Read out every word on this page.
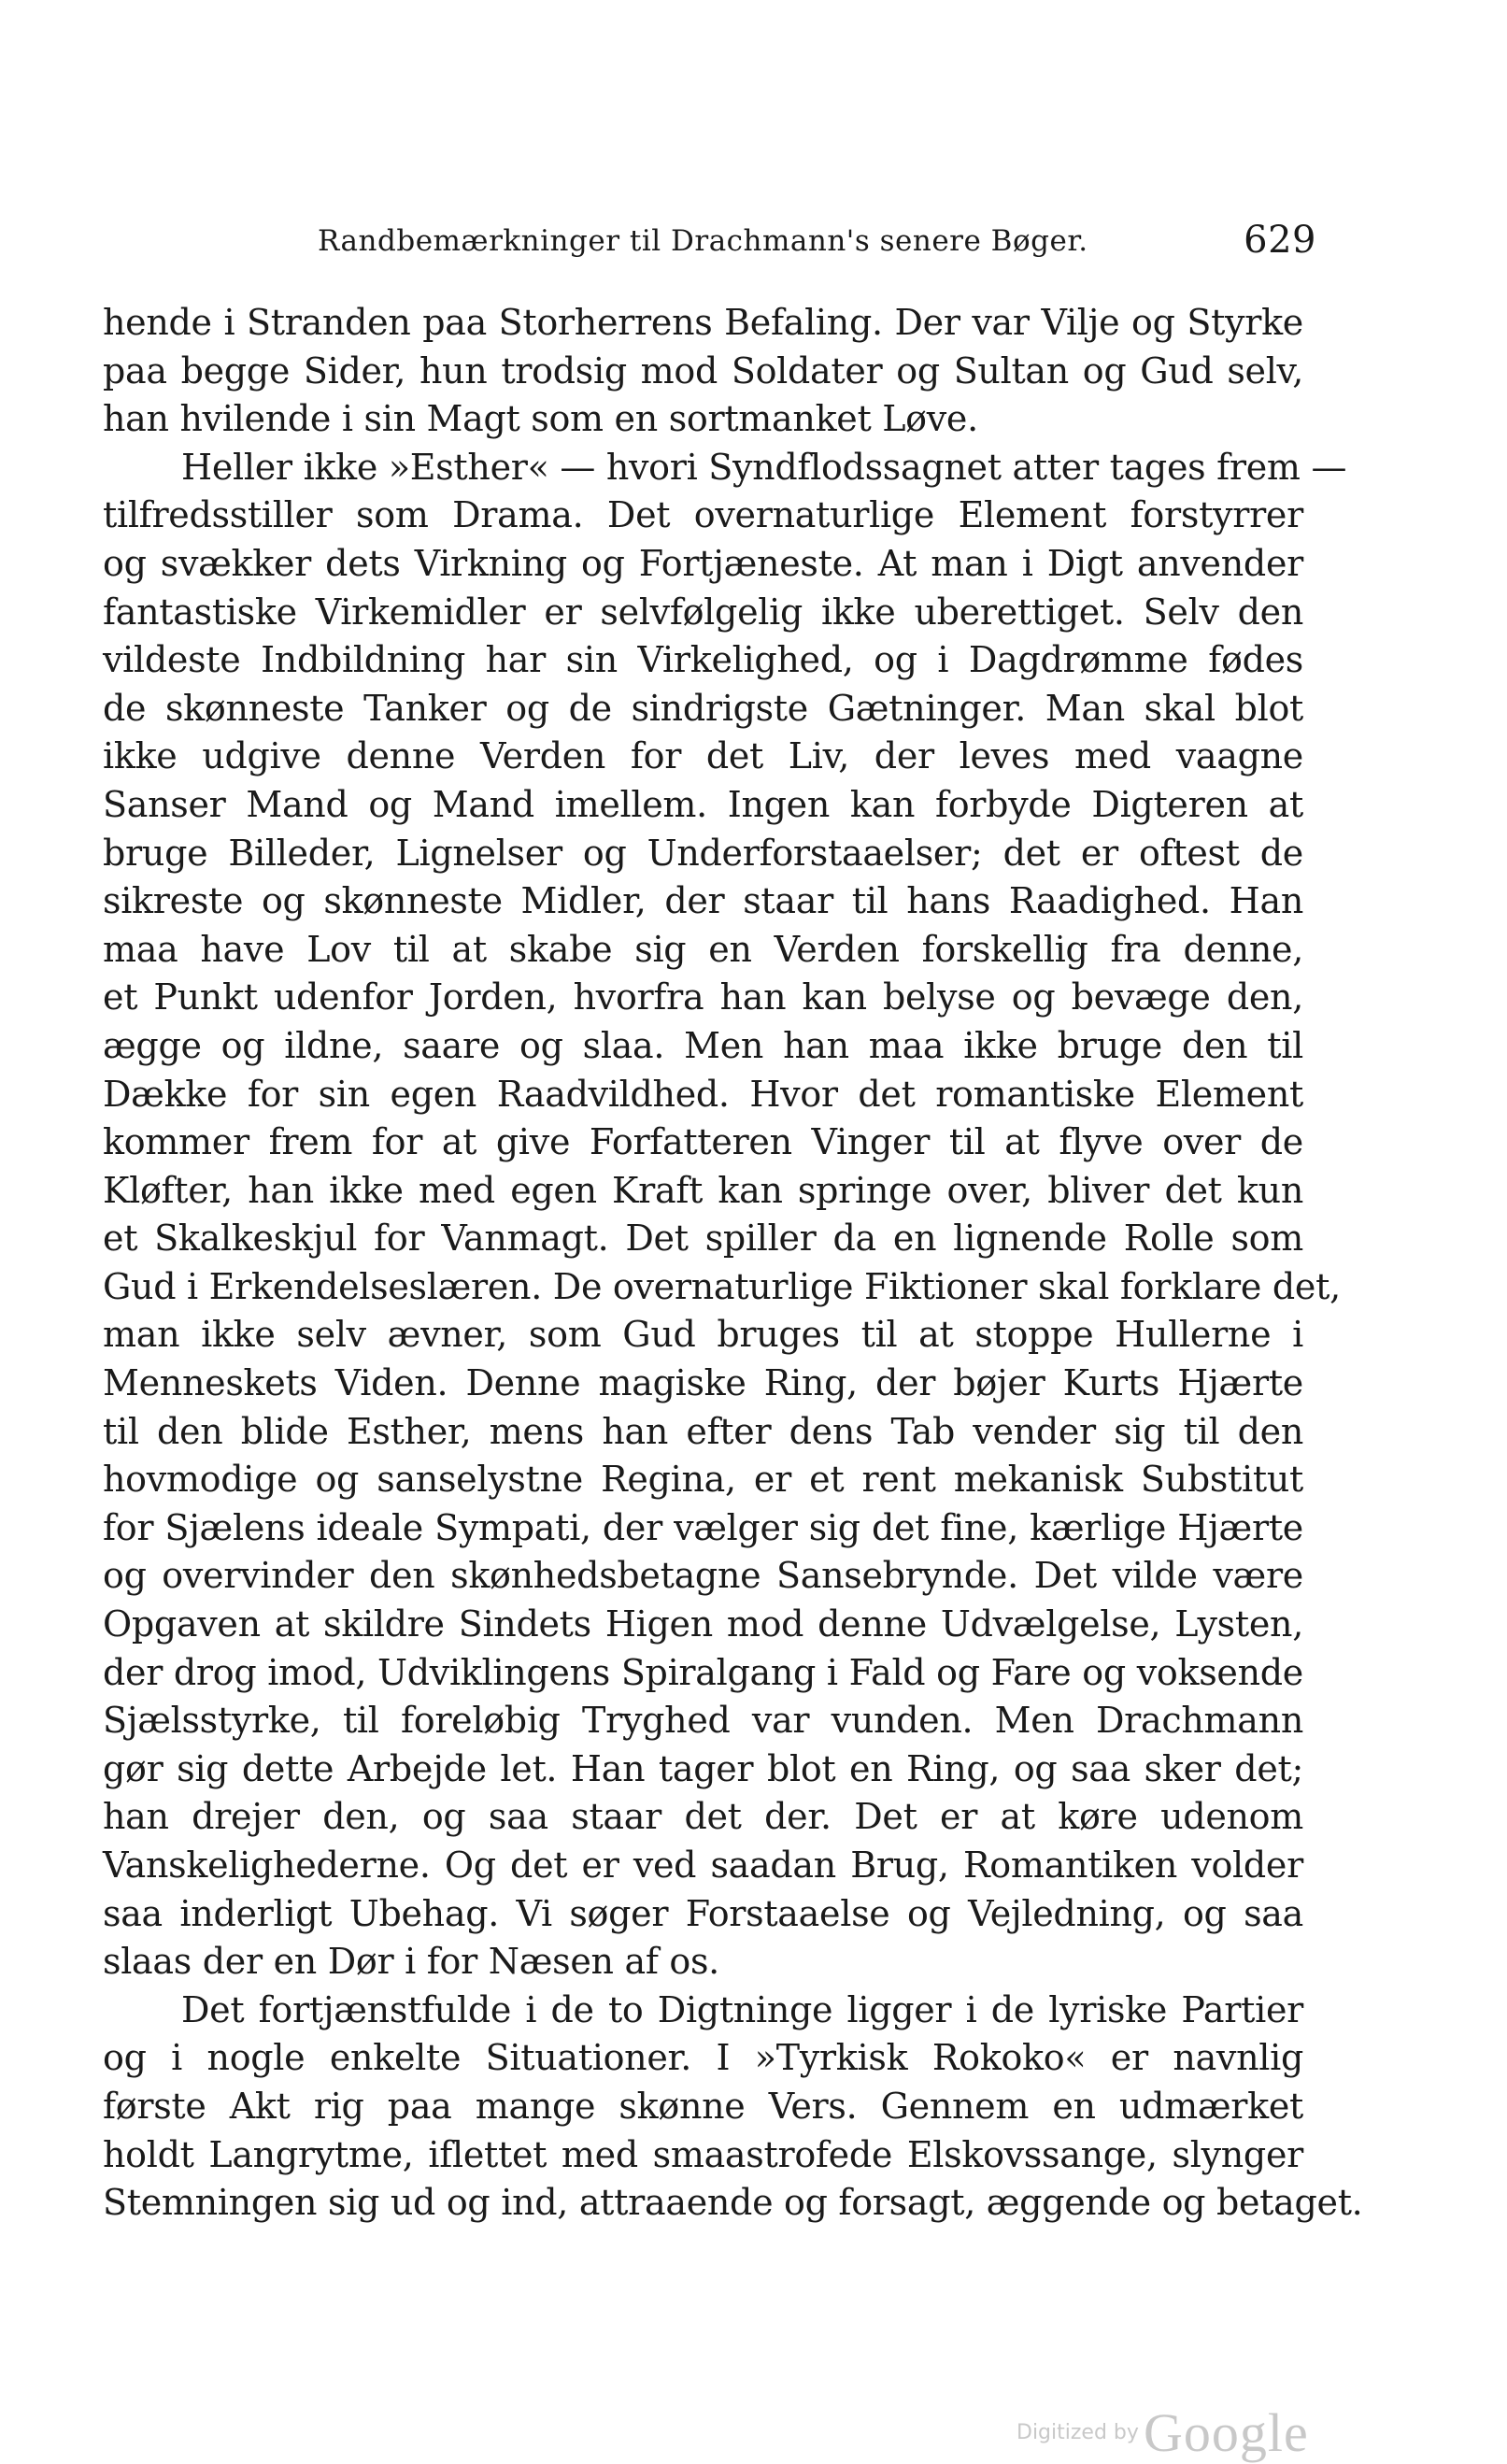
Randbemærkninger til Drachmann's senere Bøger.	629
hende i Stranden paa Storherrens Befaling. Der var Vilje og Styrke
paa begge Sider, hun trodsig mod Soldater og Sultan og Gud selv,
han hvilende i sin Magt som en sortmanket Løve.
Heller ikke »Esther« — hvori Syndflodssagnet atter tages frem —
tilfredsstiller som Drama. Det overnaturlige Element forstyrrer
og svækker dets Virkning og Fortjæneste. At man i Digt anvender
fantastiske Virkemidler er selvfølgelig ikke uberettiget. Selv den
vildeste Indbildning har sin Virkelighed, og i Dagdrømme fødes
de skønneste Tanker og de sindrigste Gætninger. Man skal blot
ikke udgive denne Verden for det Liv, der leves med vaagne
Sanser Mand og Mand imellem. Ingen kan forbyde Digteren at
bruge Billeder, Lignelser og Underforstaaelser; det er oftest de
sikreste og skønneste Midler, der staar til hans Raadighed. Han
maa have Lov til at skabe sig en Verden forskellig fra denne,
et Punkt udenfor Jorden, hvorfra han kan belyse og bevæge den,
ægge og ildne, saare og slaa. Men han maa ikke bruge den til
Dække for sin egen Raadvildhed. Hvor det romantiske Element
kommer frem for at give Forfatteren Vinger til at flyve over de
Kløfter, han ikke med egen Kraft kan springe over, bliver det kun
et Skalkeskjul for Vanmagt. Det spiller da en lignende Rolle som
Gud i Erkendelseslæren. De overnaturlige Fiktioner skal forklare det,
man ikke selv ævner, som Gud bruges til at stoppe Hullerne i
Menneskets Viden. Denne magiske Ring, der bøjer Kurts Hjærte
til den blide Esther, mens han efter dens Tab vender sig til den
hovmodige og sanselystne Regina, er et rent mekanisk Substitut
for Sjælens ideale Sympati, der vælger sig det fine, kærlige Hjærte
og overvinder den skønhedsbetagne Sansebrynde. Det vilde være
Opgaven at skildre Sindets Higen mod denne Udvælgelse, Lysten,
der drog imod, Udviklingens Spiralgang i Fald og Fare og voksende
Sjælsstyrke, til foreløbig Tryghed var vunden. Men Drachmann
gør sig dette Arbejde let. Han tager blot en Ring, og saa sker det;
han drejer den, og saa staar det der. Det er at køre udenom
Vanskelighederne. Og det er ved saadan Brug, Romantiken volder
saa inderligt Ubehag. Vi søger Forstaaelse og Vejledning, og saa
slaas der en Dør i for Næsen af os.
Det fortjænstfulde i de to Digtninge ligger i de lyriske Partier
og i nogle enkelte Situationer. I »Tyrkisk Rokoko« er navnlig
første Akt rig paa mange skønne Vers. Gennem en udmærket
holdt Langrytme, iflettet med smaastrofede Elskovssange, slynger
Stemningen sig ud og ind, attraaende og forsagt, æggende og betaget.
Digitized by Google
